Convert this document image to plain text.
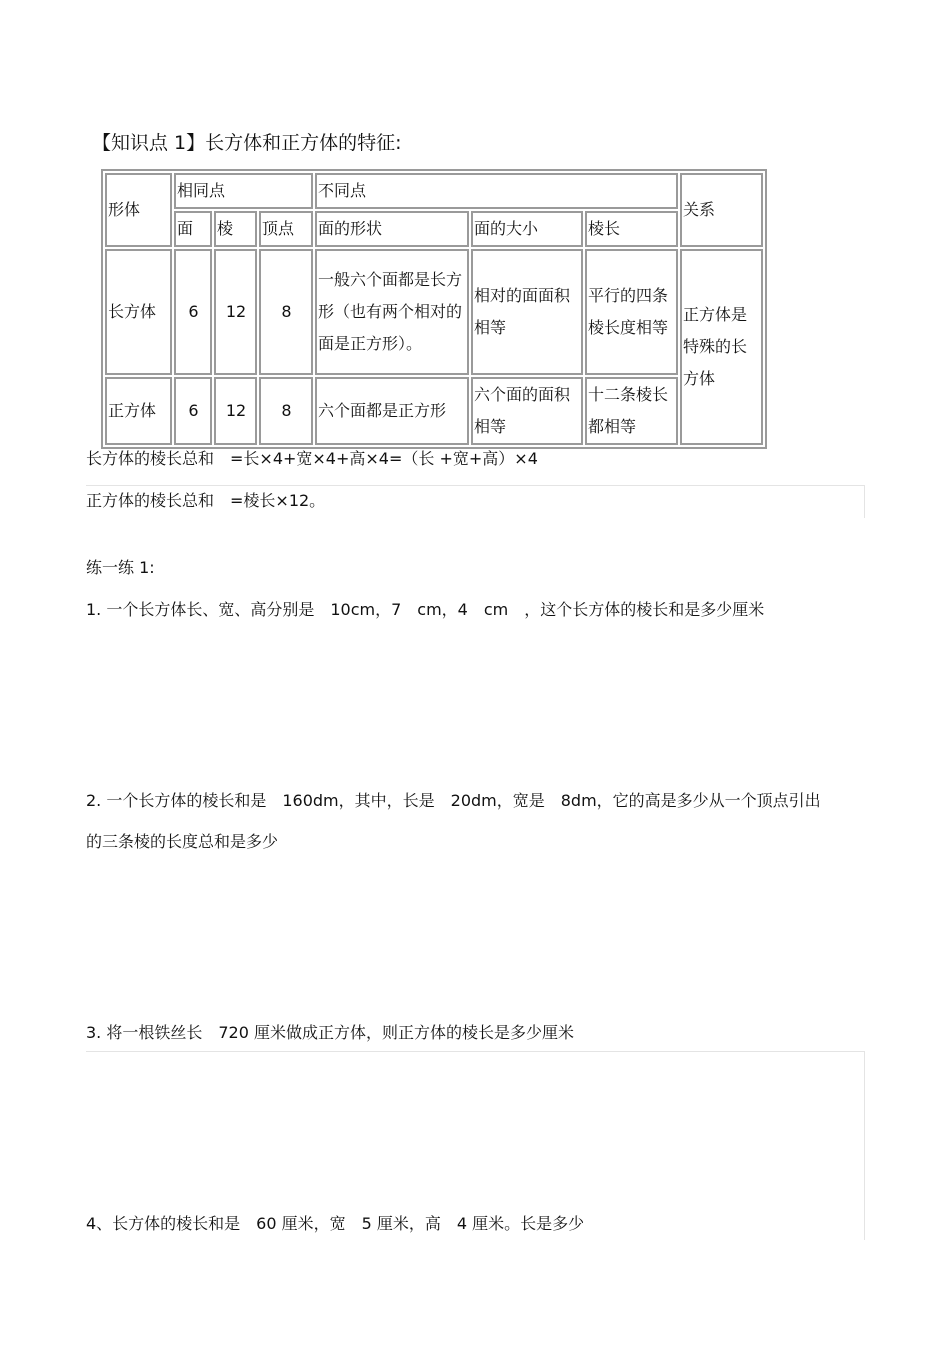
【知识点 1】长方体和正方体的特征:
形体	相同点			不同点			关系
	面	棱	顶点	面的形状	面的大小	棱长	
长方体	6	12	8	一般六个面都是长方形（也有两个相对的面是正方形）。	相对的面面积相等	平行的四条棱长度相等	正方体是特殊的长方体
正方体	6	12	8	六个面都是正方形	六个面的面积相等	十二条棱长都相等	
长方体的棱长总和　=长×4+宽×4+高×4=（长 +宽+高）×4
正方体的棱长总和　=棱长×12。
练一练 1:
1. 一个长方体长、宽、高分别是　10cm，7　cm，4　cm　，这个长方体的棱长和是多少厘米
2. 一个长方体的棱长和是　160dm，其中，长是　20dm，宽是　8dm，它的高是多少从一个顶点引出
的三条棱的长度总和是多少
3. 将一根铁丝长　720 厘米做成正方体，则正方体的棱长是多少厘米
4、长方体的棱长和是　60 厘米，宽　5 厘米，高　4 厘米。长是多少
